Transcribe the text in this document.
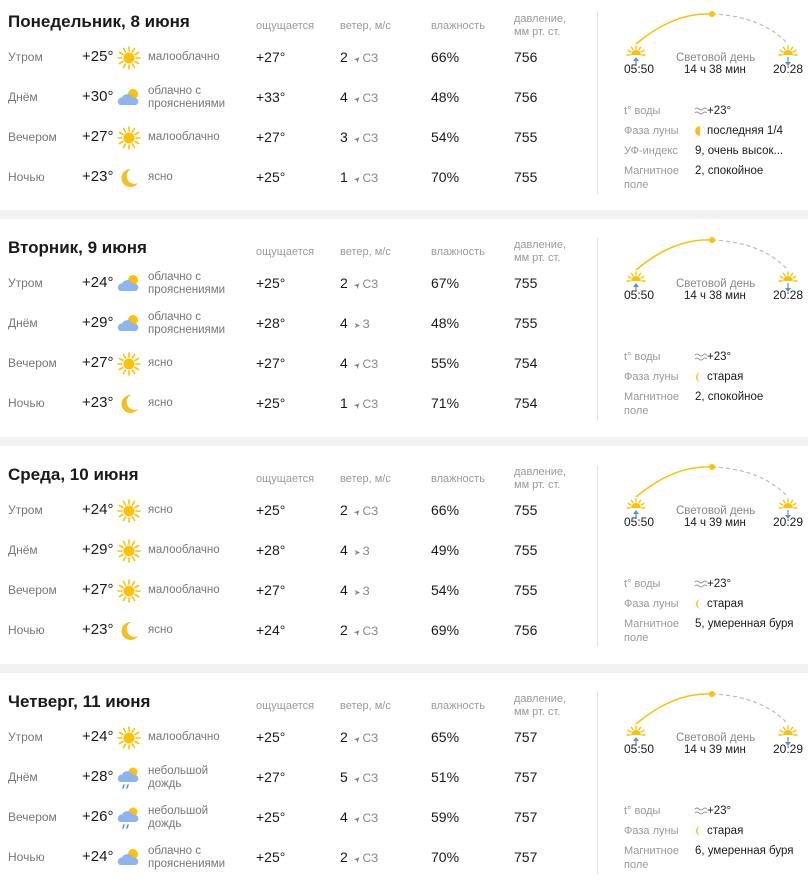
Понедельник, 8 июня	ощущается ветер, м/с	влажность
давление,
мм рт. ст.
Утром	+25°	малооблачно	+27°	2 ➤СЗ	66%	756
Днём	+30°	облачно с
прояснениями	+33°	4 ➤СЗ	48%	756
Вечером +27°	малооблачно	+27°	3 ➤СЗ	54%	755
Ночью +23°	ясно	+25°	1 ➤СЗ	70%	755
05:50	20:28
Световой день
14 ч 38 мин
t° воды	+23°
Фаза луны	последняя 1/4
УФ-индекс	9, очень высок...
Магнитное
поле
2, спокойное
Вторник, 9 июня	ощущается ветер, м/с	влажность
давление,
мм рт. ст.
Утром	+24°	облачно с
прояснениями	+25°	2 ➤СЗ	67%	755
Днём	+29°	облачно с
прояснениями	+28°	4 ➤ З	48%	755
Вечером +27°	ясно	+27°	4 ➤СЗ	55%	754
Ночью +23°	ясно	+25°	1 ➤СЗ	71%	754
05:50	20:28
Световой день
14 ч 38 мин
t° воды	+23°
Фаза луны	старая
Магнитное
поле
2, спокойное
Среда, 10 июня	ощущается ветер, м/с	влажность
давление,
мм рт. ст.
Утром	+24°	ясно	+25°	2 ➤СЗ	66%	755
Днём	+29°	малооблачно	+28°	4 ➤ З	49%	755
Вечером +27°	малооблачно	+27°	4 ➤ З	54%	755
Ночью +23°	ясно	+24°	2 ➤СЗ	69%	756
05:50	20:29
Световой день
14 ч 39 мин
t° воды	+23°
Фаза луны	старая
Магнитное
поле
5, умеренная буря
Четверг, 11 июня	ощущается ветер, м/с	влажность
давление,
мм рт. ст.
Утром	+24°	малооблачно	+25°	2 ➤СЗ	65%	757
Днём	+28°	небольшой
дождь	+27°	5 ➤СЗ	51%	757
Вечером +26°	небольшой
дождь	+25°	4 ➤СЗ	59%	757
Ночью +24°	облачно с
прояснениями	+25°	2 ➤СЗ	70%	757
05:50	20:29
Световой день
14 ч 39 мин
t° воды	+23°
Фаза луны	старая
Магнитное
поле
6, умеренная буря
